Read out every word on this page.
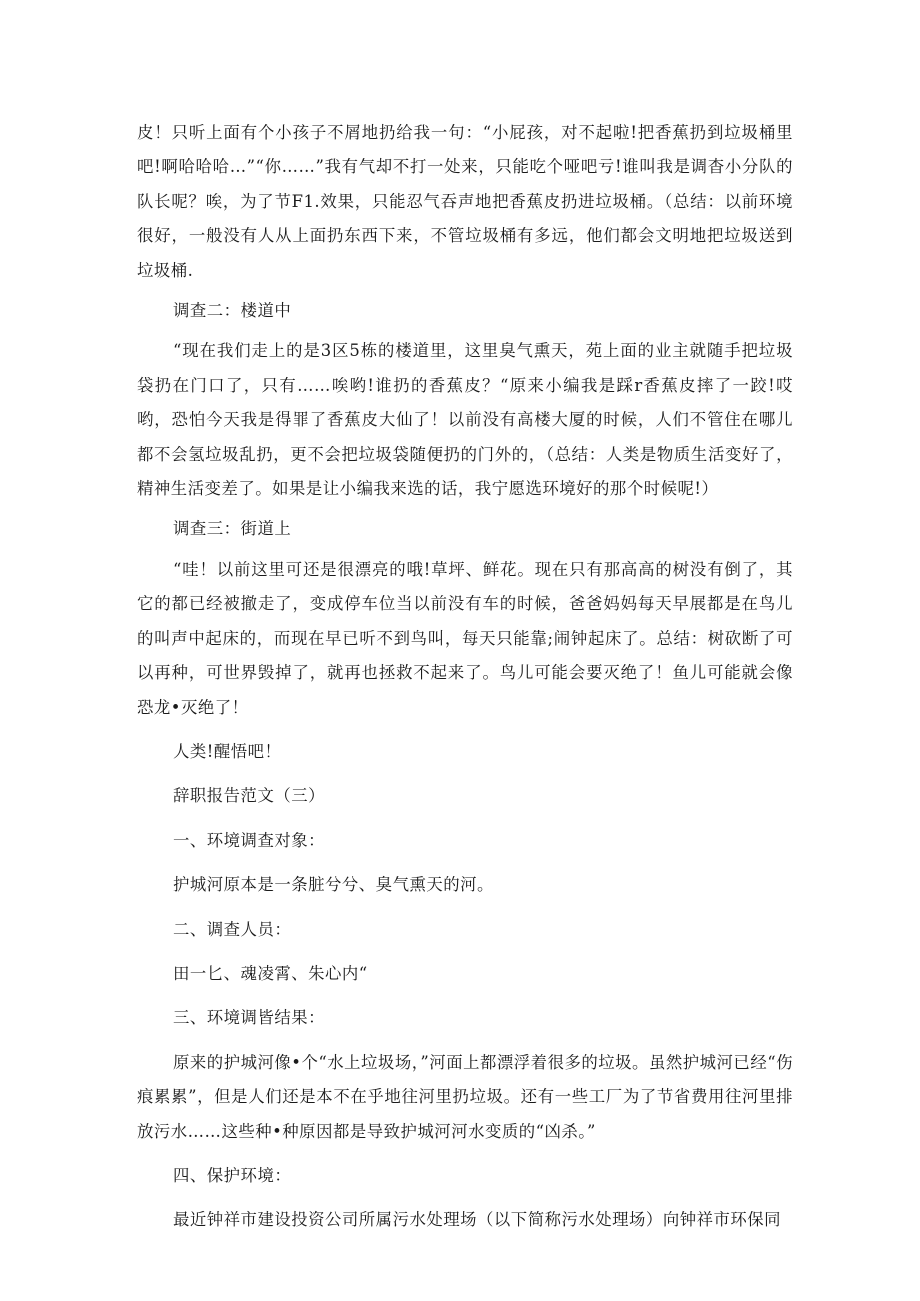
皮！只听上面有个小孩子不屑地扔给我一句：“小屁孩，对不起啦!把香蕉扔到垃圾桶里吧!啊哈哈哈…”“你……”我有气却不打一处来，只能吃个哑吧亏!谁叫我是调杳小分队的队长呢？唉，为了节F1.效果，只能忍气吞声地把香蕉皮扔进垃圾桶。（总结：以前环境很好，一般没有人从上面扔东西下来，不管垃圾桶有多远，他们都会文明地把垃圾送到垃圾桶.

调查二：楼道中

“现在我们走上的是3区5栋的楼道里，这里臭气熏天，苑上面的业主就随手把垃圾袋扔在门口了，只有……唉哟!谁扔的香蕉皮？“原来小编我是踩r香蕉皮摔了一跤!哎哟，恐怕今天我是得罪了香蕉皮大仙了！以前没有高楼大厦的时候，人们不管住在哪儿都不会氢垃圾乱扔，更不会把垃圾袋随便扔的门外的，（总结：人类是物质生活变好了，精神生活变差了。如果是让小编我来选的话，我宁愿选环境好的那个时候呢!）

调查三：街道上

“哇！以前这里可还是很漂亮的哦!草坪、鲜花。现在只有那高高的树没有倒了，其它的都已经被撤走了，变成停车位当以前没有车的时候，爸爸妈妈每天早展都是在鸟儿的叫声中起床的，而现在早已听不到鸟叫，每天只能靠;闹钟起床了。总结：树砍断了可以再种，可世界毁掉了，就再也拯救不起来了。鸟儿可能会要灭绝了！鱼儿可能就会像恐龙•灭绝了！

人类!醒悟吧！

辞职报告范文（三）

一、环境调查对象：

护城河原本是一条脏兮兮、臭气熏天的河。

二、调查人员：

田一匕、魂凌霄、朱心内“

三、环境调皆结果：

原来的护城河像•个“水上垃圾场，”河面上都漂浮着很多的垃圾。虽然护城河已经“伤痕累累”，但是人们还是本不在乎地往河里扔垃圾。还有一些工厂为了节省费用往河里排放污水……这些种•种原因都是导致护城河河水变质的“凶杀。”

四、保护环境：

最近钟祥市建设投资公司所属污水处理场（以下简称污水处理场）向钟祥市环保同
